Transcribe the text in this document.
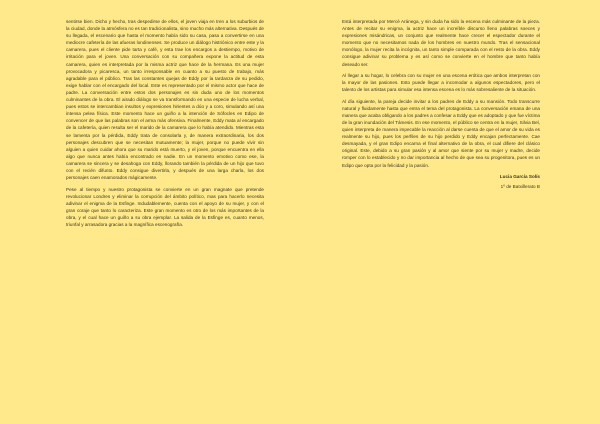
sentirse bien. Dicho y hecho, tras despedirse de ellos, el joven viaja en tren a los suburbios de la ciudad, donde la atmósfera no es tan tradicionalista, sino mucho más alternativa. Después de su llegada, el escenario que hasta el momento había sido su casa, pasa a convertirse en una mediocre cafetería de las afueras londinenses. Se produce un diálogo histriónico entre este y la camarera, pues el cliente pide tarta y café, y esta trae los encargos a destiempo, motivo de irritación para el joven. Una conversación con su compañera expone la actitud de esta camarera, quien es interpretada por la misma actriz que hace de la hermana. Es una mujer provocadora y picaresca, un tanto irresponsable en cuanto a su puesto de trabajo, más agradable para el público. Tras las constantes quejas de Eddy por la tardanza de su pedido, exige hablar con el encargado del local. Este es representado por el mismo actor que hace de padre. La conversación entre estos dos personajes es sin duda uno de los momentos culminantes de la obra. El airado diálogo se va transformando en una especie de lucha verbal, pues estos se intercambian insultos y expresiones hirientes a dúo y a coro, simulando así una intensa pelea física. Este momento hace un guiño a la intención de Sófocles en Edipo de convencer de que las palabras son el arma más ofensiva. Finalmente, Eddy mata al encargado de la cafetería, quien resulta ser el marido de la camarera que lo había atendido. Mientras esta se lamenta por la pérdida, Eddy trata de consolarla y, de manera extraordinaria, los dos personajes descubren que se necesitan mutuamente; la mujer, porque no puede vivir sin alguien a quien cuidar ahora que su marido está muerto, y el joven, porque encuentra en ella algo que nunca antes había encontrado en nadie. En un momento emotivo como ese, la camarera se sincera y se desahoga con Eddy, llorando también la pérdida de un hijo que tuvo con el recién difunto. Eddy consigue divertirla, y después de una larga charla, los dos personajes caen enamorados mágicamente.

Pese al tiempo y nuestro protagonista se convierte en un gran magnate que pretende revolucionar Londres y eliminar la corrupción del ámbito político, mas para hacerlo necesita adivinar el enigma de la Esfinge. Indudablemente, cuenta con el apoyo de su mujer, y con el gran coraje que tanto lo caracteriza. Este gran momento es otro de los más importantes de la obra, y el cual hace un guiño a su obra ejemplar. La salida de la Esfinge es, cuanto menos, triunfal y arrasadora gracias a la magnífica escenografía.

Está interpretada por Mercè Aránega, y sin duda ha sido la escena más culminante de la pieza. Antes de recitar su enigma, la actriz hace un increíble discurso lleno palabras soeces y expresiones misándricas, un conjunto que realmente hace crecer el espectador durante el momento que no necesitamos nada de los hombres en nuestro mundo. Tras el sensacional monólogo, la mujer recita la incógnita, un tanto simple comparada con el resto de la obra. Eddy consigue adivinar su problema y es así como se convierte en el hombre que tanto había deseado ser.

Al llegar a su hogar, lo celebra con su mujer en una escena erótica que ambos interpretan con la mayor de las pasiones. Esto puede llegar a incomodar a algunos espectadores, pero el talento de los artistas para simular esa intensa escena es lo más sobresaliente de la situación.

Al día siguiente, la pareja decide invitar a los padres de Eddy a su mansión. Todo transcurre natural y fluidamente hasta que entra el tema del protagonista. La conversación emana de una manera que acaba obligando a los padres a confesar a Eddy que es adoptado y que fue víctima de la gran inundación del Támesis. En ese momento, el público se centra en la mujer, Silvia Bel, quien interpreta de manera impecable la reacción al darse cuenta de que el amor de su vida es realmente su hijo, pues los perfiles de su hijo perdido y Eddy encajan perfectamente. Cae desmayada, y el gran Edipo encarna el final alternativo de la obra, el cual difiere del clásico original. Este, debido a su gran pasión y al amor que siente por su mujer y madre, decide romper con lo establecido y no dar importancia al hecho de que sea su progenitora, pues es un Edipo que opta por la felicidad y la pasión.

Lucia García Solís
1º de Batxillerato B
